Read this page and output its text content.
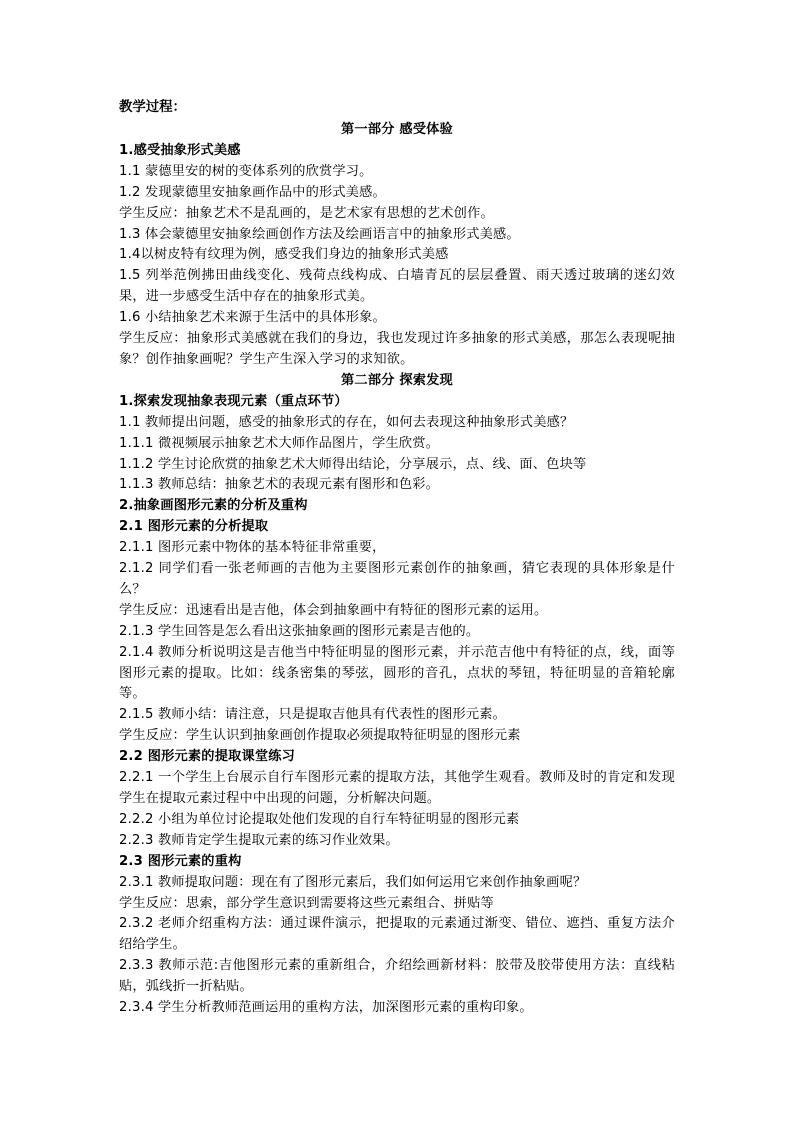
教学过程：
第一部分 感受体验
1.感受抽象形式美感
1.1 蒙德里安的树的变体系列的欣赏学习。
1.2 发现蒙德里安抽象画作品中的形式美感。
学生反应：抽象艺术不是乱画的，是艺术家有思想的艺术创作。
1.3 体会蒙德里安抽象绘画创作方法及绘画语言中的抽象形式美感。
1.4以树皮特有纹理为例，感受我们身边的抽象形式美感
1.5 列举范例拂田曲线变化、残荷点线构成、白墙青瓦的层层叠置、雨天透过玻璃的迷幻效果，进一步感受生活中存在的抽象形式美。
1.6 小结抽象艺术来源于生活中的具体形象。
学生反应：抽象形式美感就在我们的身边，我也发现过许多抽象的形式美感，那怎么表现呢抽象？创作抽象画呢？学生产生深入学习的求知欲。
第二部分 探索发现
1.探索发现抽象表现元素（重点环节）
1.1 教师提出问题，感受的抽象形式的存在，如何去表现这种抽象形式美感？
1.1.1 微视频展示抽象艺术大师作品图片，学生欣赏。
1.1.2 学生讨论欣赏的抽象艺术大师得出结论，分享展示，点、线、面、色块等
1.1.3 教师总结：抽象艺术的表现元素有图形和色彩。
2.抽象画图形元素的分析及重构
2.1 图形元素的分析提取
2.1.1 图形元素中物体的基本特征非常重要，
2.1.2 同学们看一张老师画的吉他为主要图形元素创作的抽象画，猜它表现的具体形象是什么？
学生反应：迅速看出是吉他，体会到抽象画中有特征的图形元素的运用。
2.1.3 学生回答是怎么看出这张抽象画的图形元素是吉他的。
2.1.4 教师分析说明这是吉他当中特征明显的图形元素，并示范吉他中有特征的点，线，面等图形元素的提取。比如：线条密集的琴弦，圆形的音孔，点状的琴钮，特征明显的音箱轮廓等。
2.1.5 教师小结：请注意，只是提取吉他具有代表性的图形元素。
学生反应：学生认识到抽象画创作提取必须提取特征明显的图形元素
2.2 图形元素的提取课堂练习
2.2.1 一个学生上台展示自行车图形元素的提取方法，其他学生观看。教师及时的肯定和发现学生在提取元素过程中中出现的问题，分析解决问题。
2.2.2 小组为单位讨论提取处他们发现的自行车特征明显的图形元素
2.2.3 教师肯定学生提取元素的练习作业效果。
2.3 图形元素的重构
2.3.1 教师提取问题：现在有了图形元素后，我们如何运用它来创作抽象画呢？
学生反应：思索，部分学生意识到需要将这些元素组合、拼贴等
2.3.2 老师介绍重构方法：通过课件演示，把提取的元素通过渐变、错位、遮挡、重复方法介绍给学生。
2.3.3 教师示范:吉他图形元素的重新组合，介绍绘画新材料：胶带及胶带使用方法：直线粘贴，弧线折一折粘贴。
2.3.4 学生分析教师范画运用的重构方法，加深图形元素的重构印象。
